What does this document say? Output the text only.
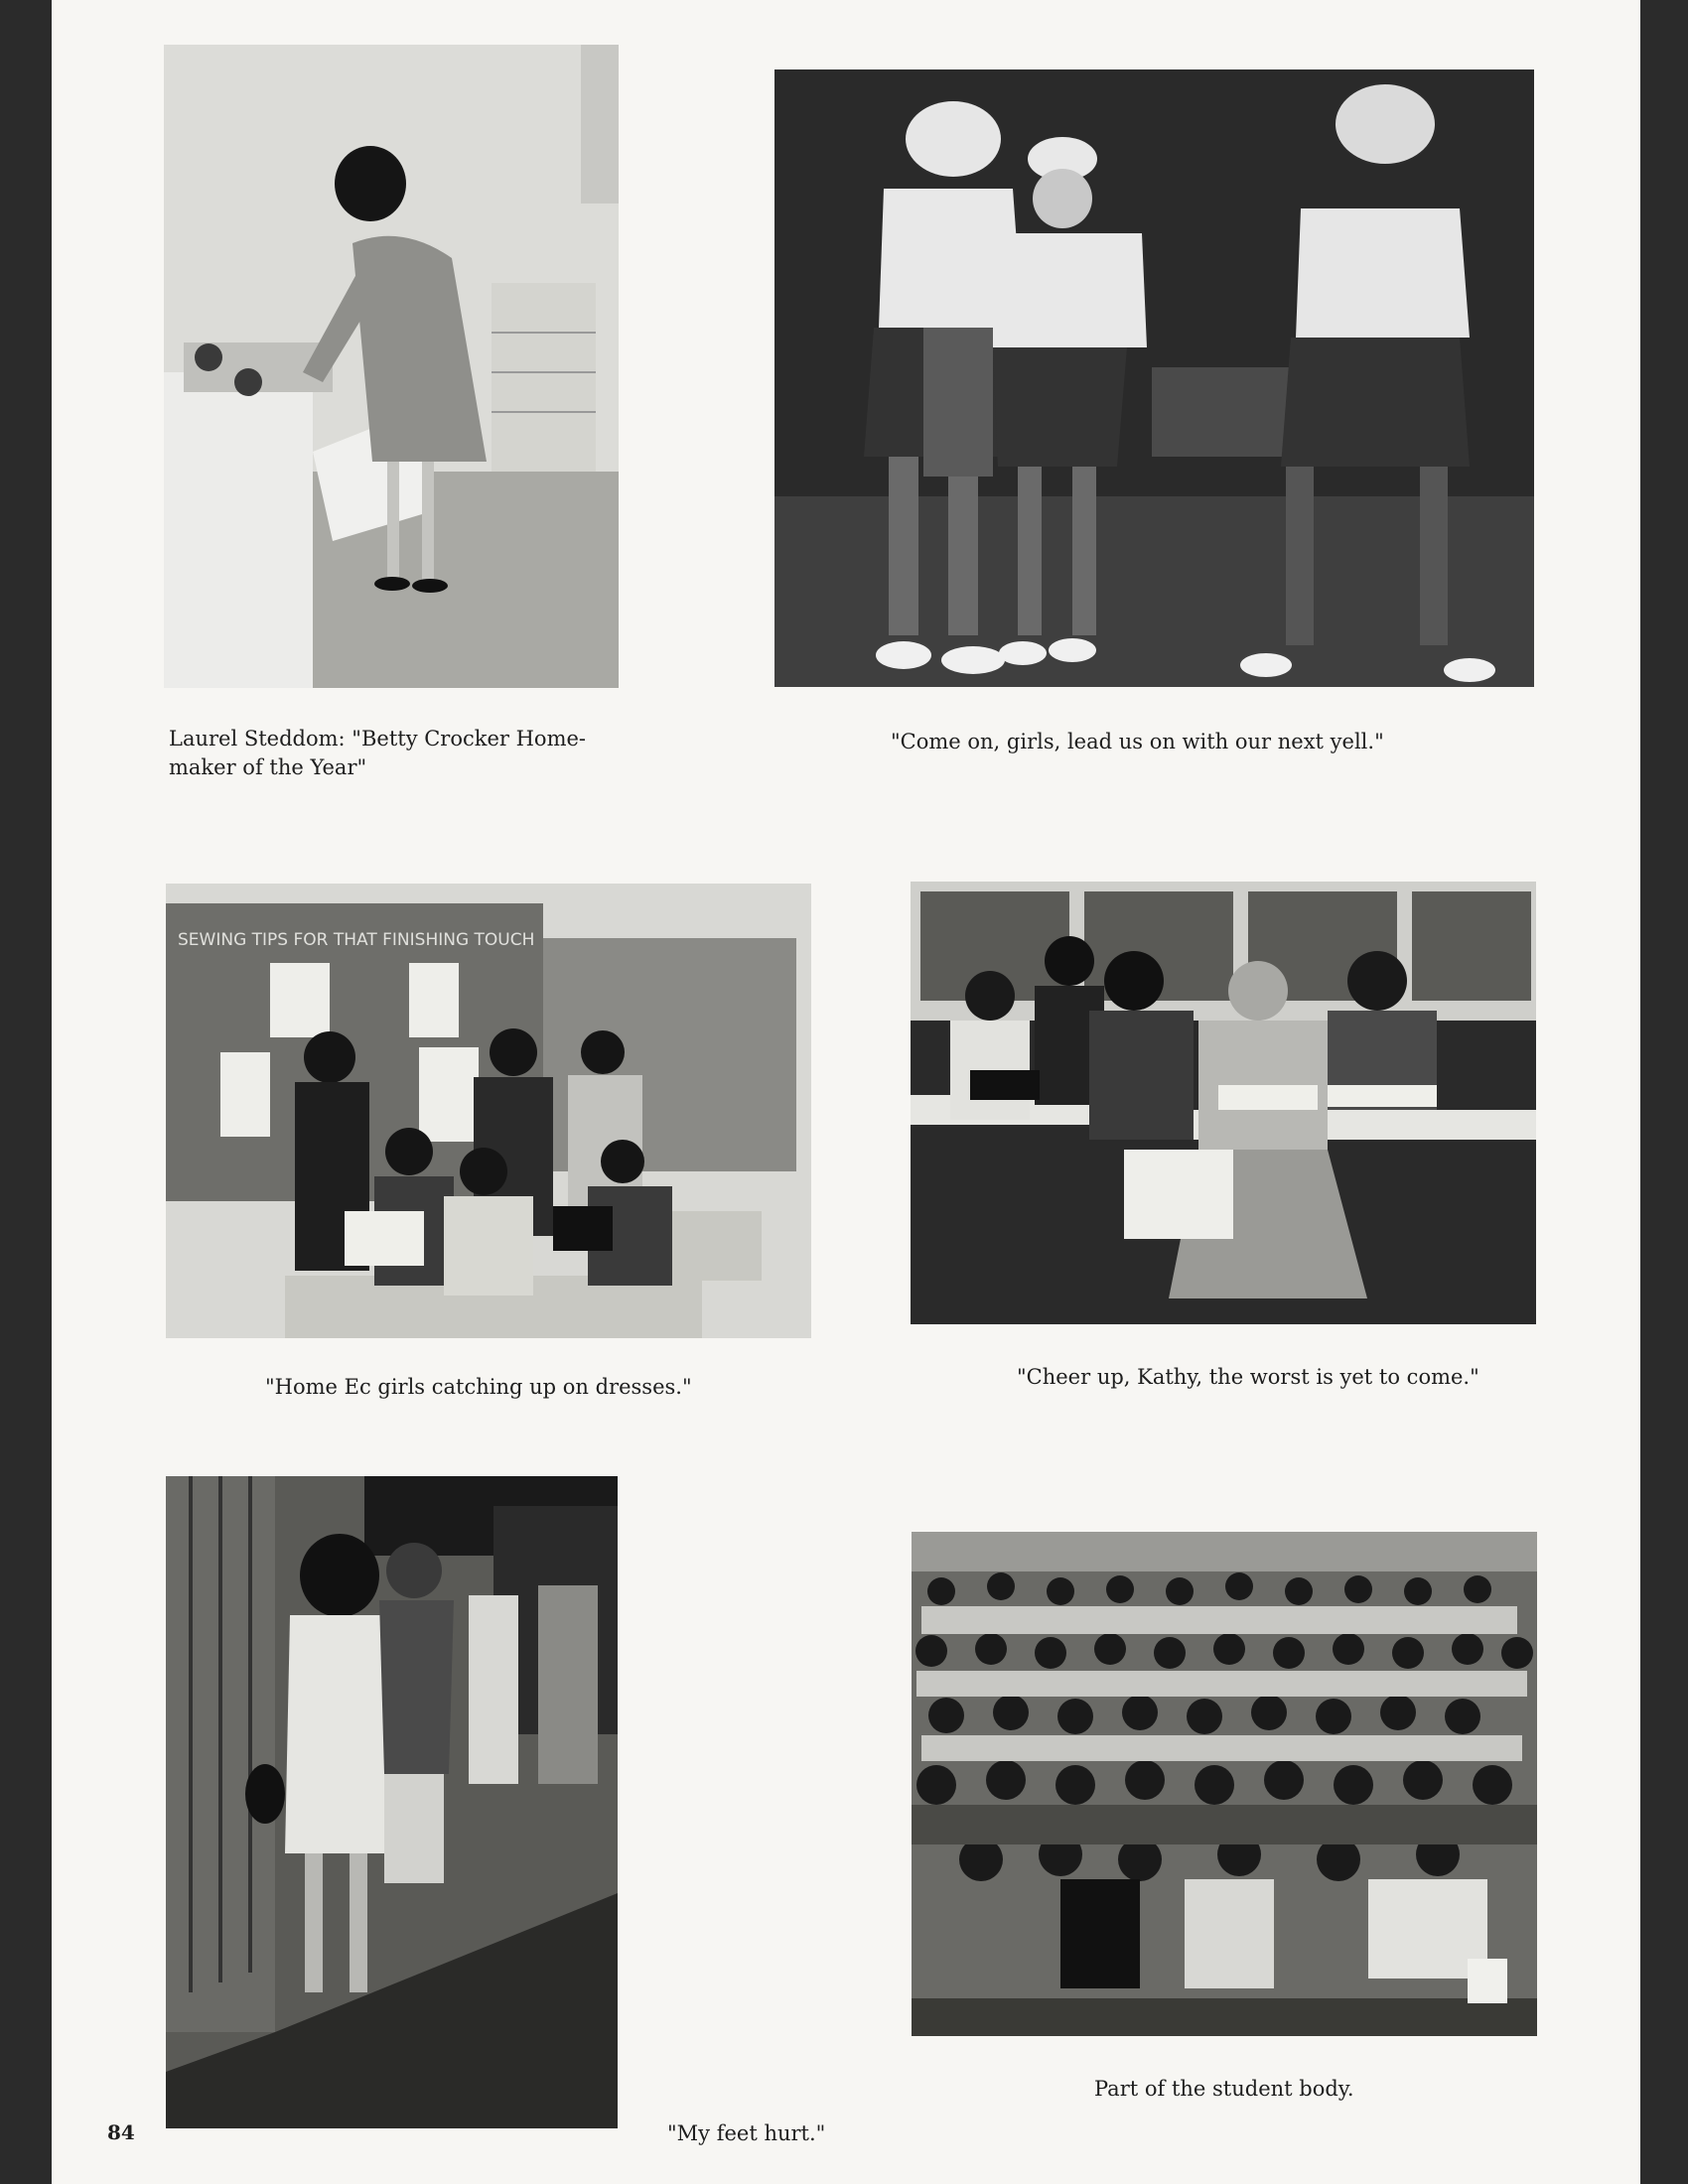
Laurel Steddom: "Betty Crocker Home-
maker of the Year"
"Come on, girls, lead us on with our next yell."
SEWING TIPS FOR THAT FINISHING TOUCH
"Home Ec girls catching up on dresses."	"Cheer up, Kathy, the worst is yet to come."
"My feet hurt."
Part of the student body.
84
